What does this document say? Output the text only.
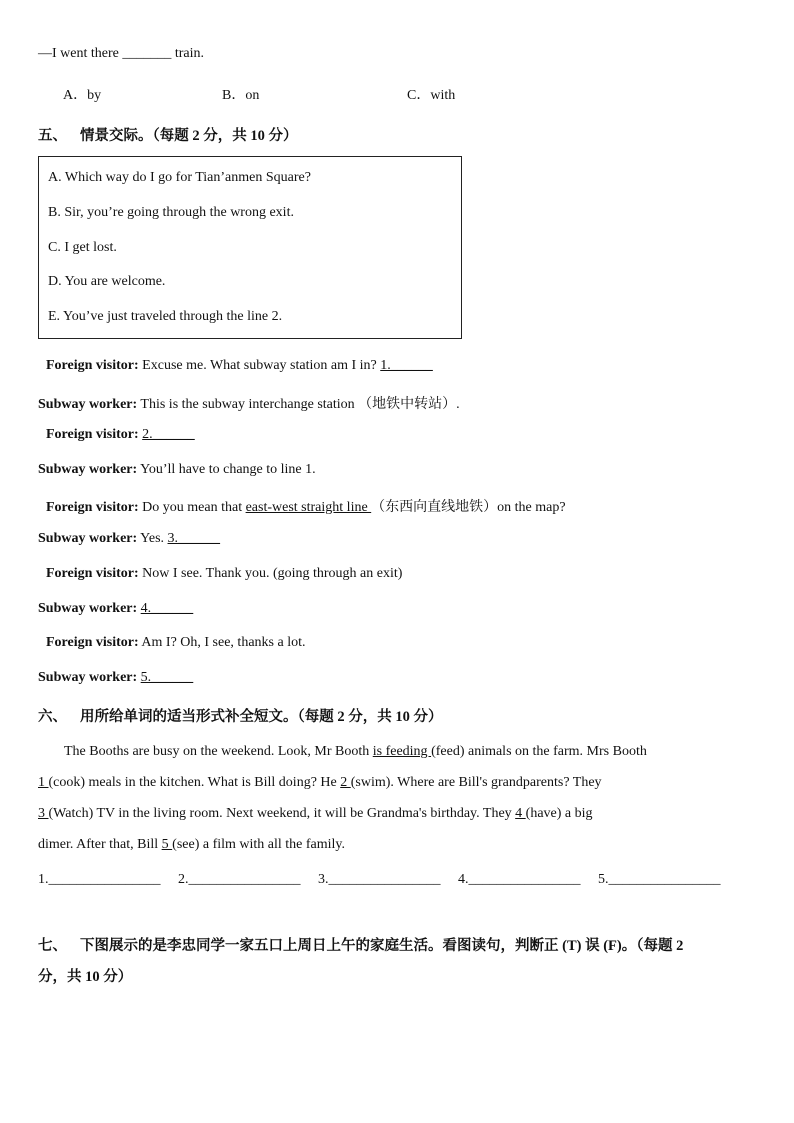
—I went there _______ train.
A．by	B．on	C．with
五、 情景交际。（每题 2 分，共 10 分）
A. Which way do I go for Tian’anmen Square?
B. Sir, you’re going through the wrong exit.
C. I get lost.
D. You are welcome.
E. You’ve just traveled through the line 2.
Foreign visitor: Excuse me. What subway station am I in? 1.______
Subway worker: This is the subway interchange station （地铁中转站）.
Foreign visitor: 2.______
Subway worker: You’ll have to change to line 1.
Foreign visitor: Do you mean that east-west straight line （东西向直线地铁）on the map?
Subway worker: Yes. 3.______
Foreign visitor: Now I see. Thank you. (going through an exit)
Subway worker: 4.______
Foreign visitor: Am I? Oh, I see, thanks a lot.
Subway worker: 5.______
六、 用所给单词的适当形式补全短文。（每题 2 分，共 10 分）
The Booths are busy on the weekend. Look, Mr Booth is feeding (feed) animals on the farm. Mrs Booth
1 (cook) meals in the kitchen. What is Bill doing? He 2 (swim). Where are Bill's grandparents? They
3 (Watch) TV in the living room. Next weekend, it will be Grandma's birthday. They 4 (have) a big
dimer. After that, Bill 5 (see) a film with all the family.
1.________________ 2.________________ 3.________________ 4.________________ 5.________________
七、 下图展示的是李忠同学一家五口上周日上午的家庭生活。看图读句，判断正 (T) 误 (F)。（每题 2
分，共 10 分）
